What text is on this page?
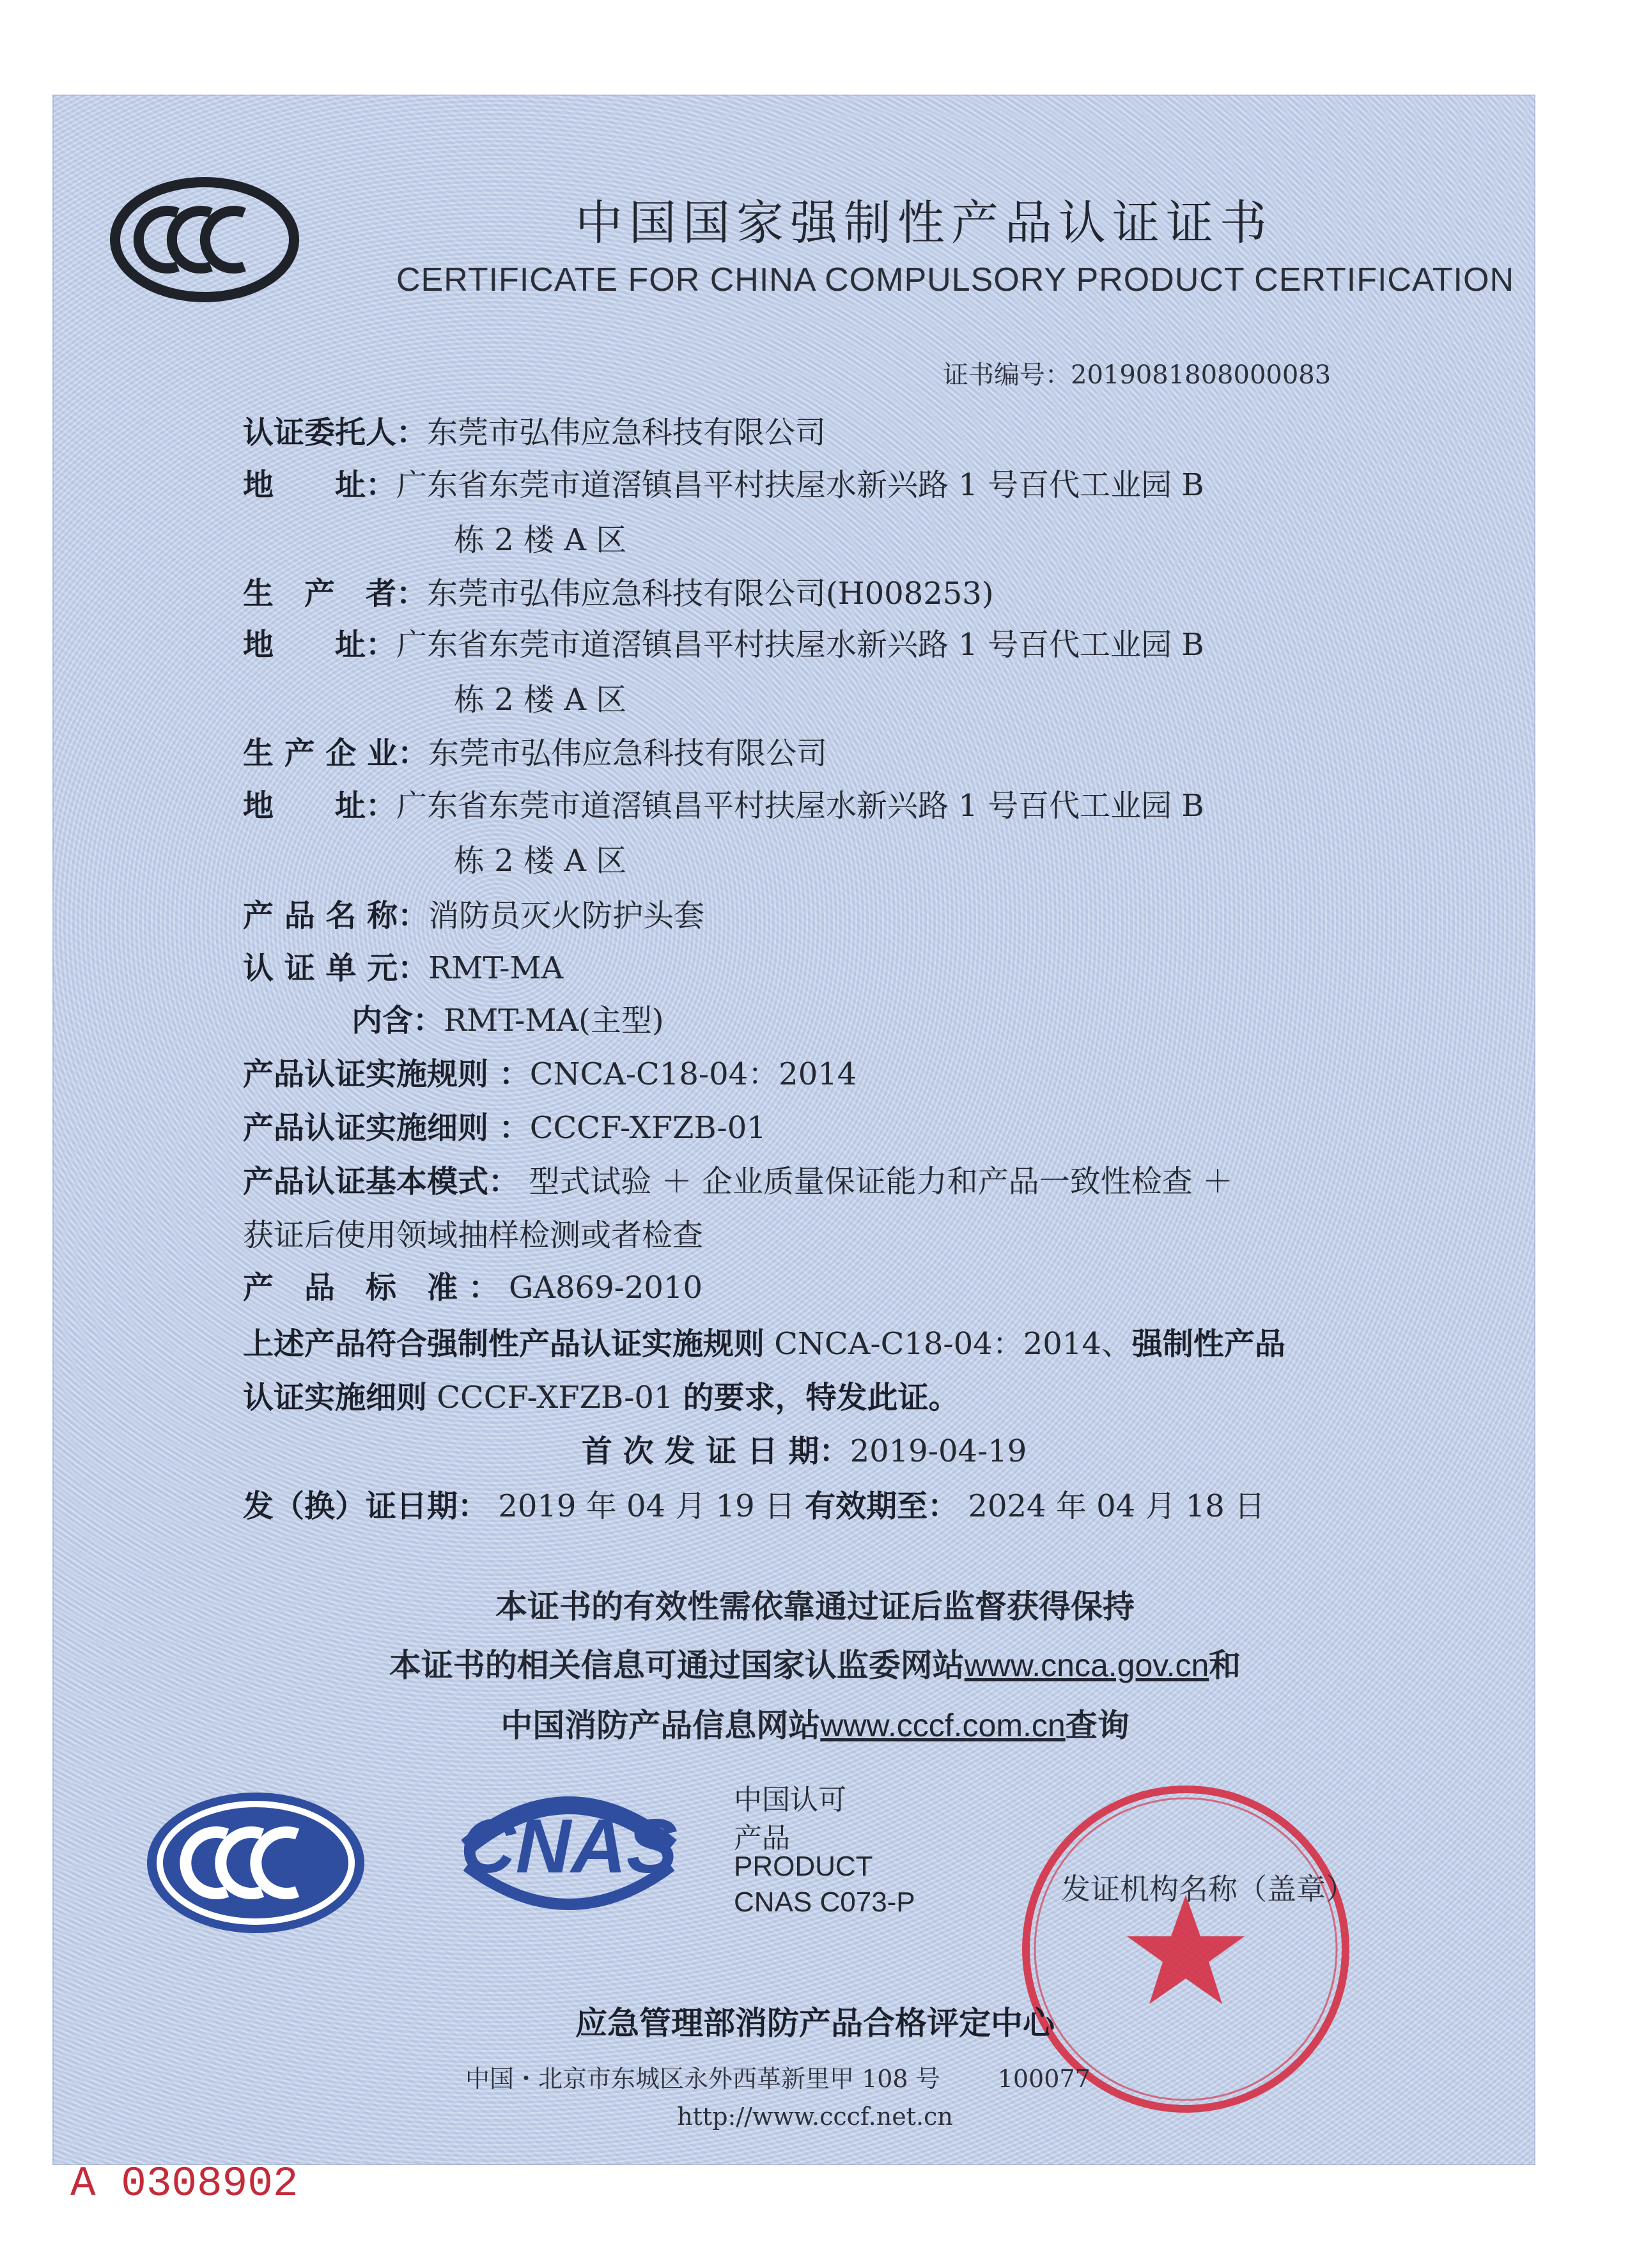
中国国家强制性产品认证证书
CERTIFICATE FOR CHINA COMPULSORY PRODUCT CERTIFICATION
证书编号：2019081808000083
认证委托人：东莞市弘伟应急科技有限公司
地　　址：广东省东莞市道滘镇昌平村扶屋水新兴路 1 号百代工业园 B
栋 2 楼 A 区
生　产　者：东莞市弘伟应急科技有限公司(H008253)
地　　址：广东省东莞市道滘镇昌平村扶屋水新兴路 1 号百代工业园 B
栋 2 楼 A 区
生 产 企 业：东莞市弘伟应急科技有限公司
地　　址：广东省东莞市道滘镇昌平村扶屋水新兴路 1 号百代工业园 B
栋 2 楼 A 区
产 品 名 称：消防员灭火防护头套
认 证 单 元：RMT-MA
内含：RMT-MA(主型)
产品认证实施规则 ：CNCA-C18-04：2014
产品认证实施细则 ：CCCF-XFZB-01
产品认证基本模式： 型式试验 ＋ 企业质量保证能力和产品一致性检查 ＋
获证后使用领域抽样检测或者检查
产　品　标　准 ： GA869-2010
上述产品符合强制性产品认证实施规则 CNCA-C18-04：2014、强制性产品
认证实施细则 CCCF-XFZB-01 的要求，特发此证。
首 次 发 证 日 期：2019-04-19
发（换）证日期： 2019 年 04 月 19 日 有效期至： 2024 年 04 月 18 日
本证书的有效性需依靠通过证后监督获得保持
本证书的相关信息可通过国家认监委网站www.cnca.gov.cn和
中国消防产品信息网站www.cccf.com.cn查询
CNAS
中国认可
产品
PRODUCT
CNAS C073-P	发证机构名称（盖章）
应急管理部消防产品合格评定中心
中国・北京市东城区永外西革新里甲 108 号 100077
http://www.cccf.net.cn
A 0308902
